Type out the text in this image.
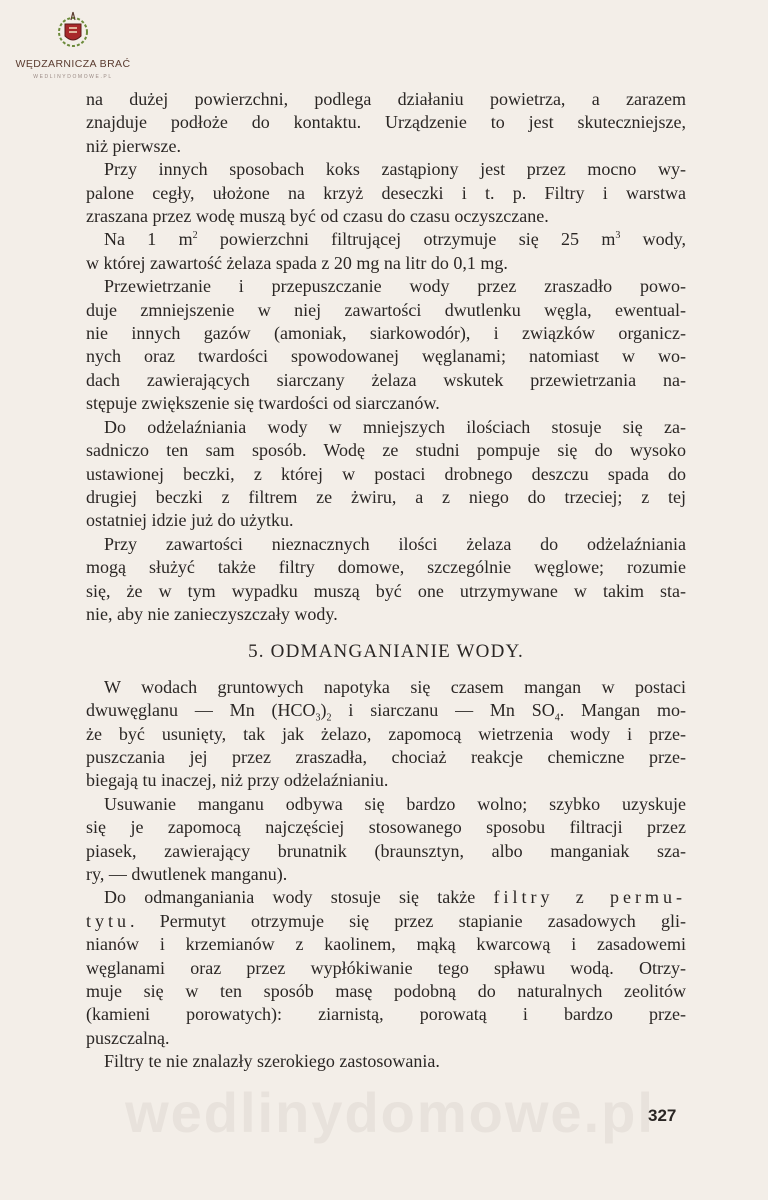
WĘDZARNICZA BRAĆ
WEDLINYDOMOWE.PL

na dużej powierzchni, podlega działaniu powietrza, a zarazem
znajduje podłoże do kontaktu. Urządzenie to jest skuteczniejsze,
niż pierwsze.

Przy innych sposobach koks zastąpiony jest przez mocno wy-
palone cegły, ułożone na krzyż deseczki i t. p. Filtry i warstwa
zraszana przez wodę muszą być od czasu do czasu oczyszczane.

Na 1 $m^2$ powierzchni filtrującej otrzymuje się 25 $m^3$ wody,
w której zawartość żelaza spada z 20 mg na litr do 0,1 mg.

Przewietrzanie i przepuszczanie wody przez zraszadło powo-
duje zmniejszenie w niej zawartości dwutlenku węgla, ewentual-
nie innych gazów (amoniak, siarkowodór), i związków organicz-
nych oraz twardości spowodowanej węglanami; natomiast w wo-
dach zawierających siarczany żelaza wskutek przewietrzania na-
stępuje zwiększenie się twardości od siarczanów.

Do odżelaźniania wody w mniejszych ilościach stosuje się za-
sadniczo ten sam sposób. Wodę ze studni pompuje się do wysoko
ustawionej beczki, z której w postaci drobnego deszczu spada do
drugiej beczki z filtrem ze żwiru, a z niego do trzeciej; z tej
ostatniej idzie już do użytku.

Przy zawartości nieznacznych ilości żelaza do odżelaźniania
mogą służyć także filtry domowe, szczególnie węglowe; rozumie
się, że w tym wypadku muszą być one utrzymywane w takim sta-
nie, aby nie zanieczyszczały wody.

5. ODMANGANIANIE WODY.

W wodach gruntowych napotyka się czasem mangan w postaci
dwuwęglanu — Mn $(HCO_3)_2$ i siarczanu — Mn $SO_4$. Mangan mo-
że być usunięty, tak jak żelazo, zapomocą wietrzenia wody i prze-
puszczania jej przez zraszadła, chociaż reakcje chemiczne prze-
biegają tu inaczej, niż przy odżelaźnianiu.

Usuwanie manganu odbywa się bardzo wolno; szybko uzyskuje
się je zapomocą najczęściej stosowanego sposobu filtracji przez
piasek, zawierający brunatnik (braunsztyn, albo manganiak sza-
ry, — dwutlenek manganu).

Do odmanganiania wody stosuje się także filtry z permu-
tytu. Permutyt otrzymuje się przez stapianie zasadowych gli-
nianów i krzemianów z kaolinem, mąką kwarcową i zasadowemi
węglanami oraz przez wypłókiwanie tego spławu wodą. Otrzy-
muje się w ten sposób masę podobną do naturalnych zeolitów
(kamieni porowatych): ziarnistą, porowatą i bardzo prze-
puszczalną.

Filtry te nie znalazły szerokiego zastosowania.

wedlinydomowe.pl
327
